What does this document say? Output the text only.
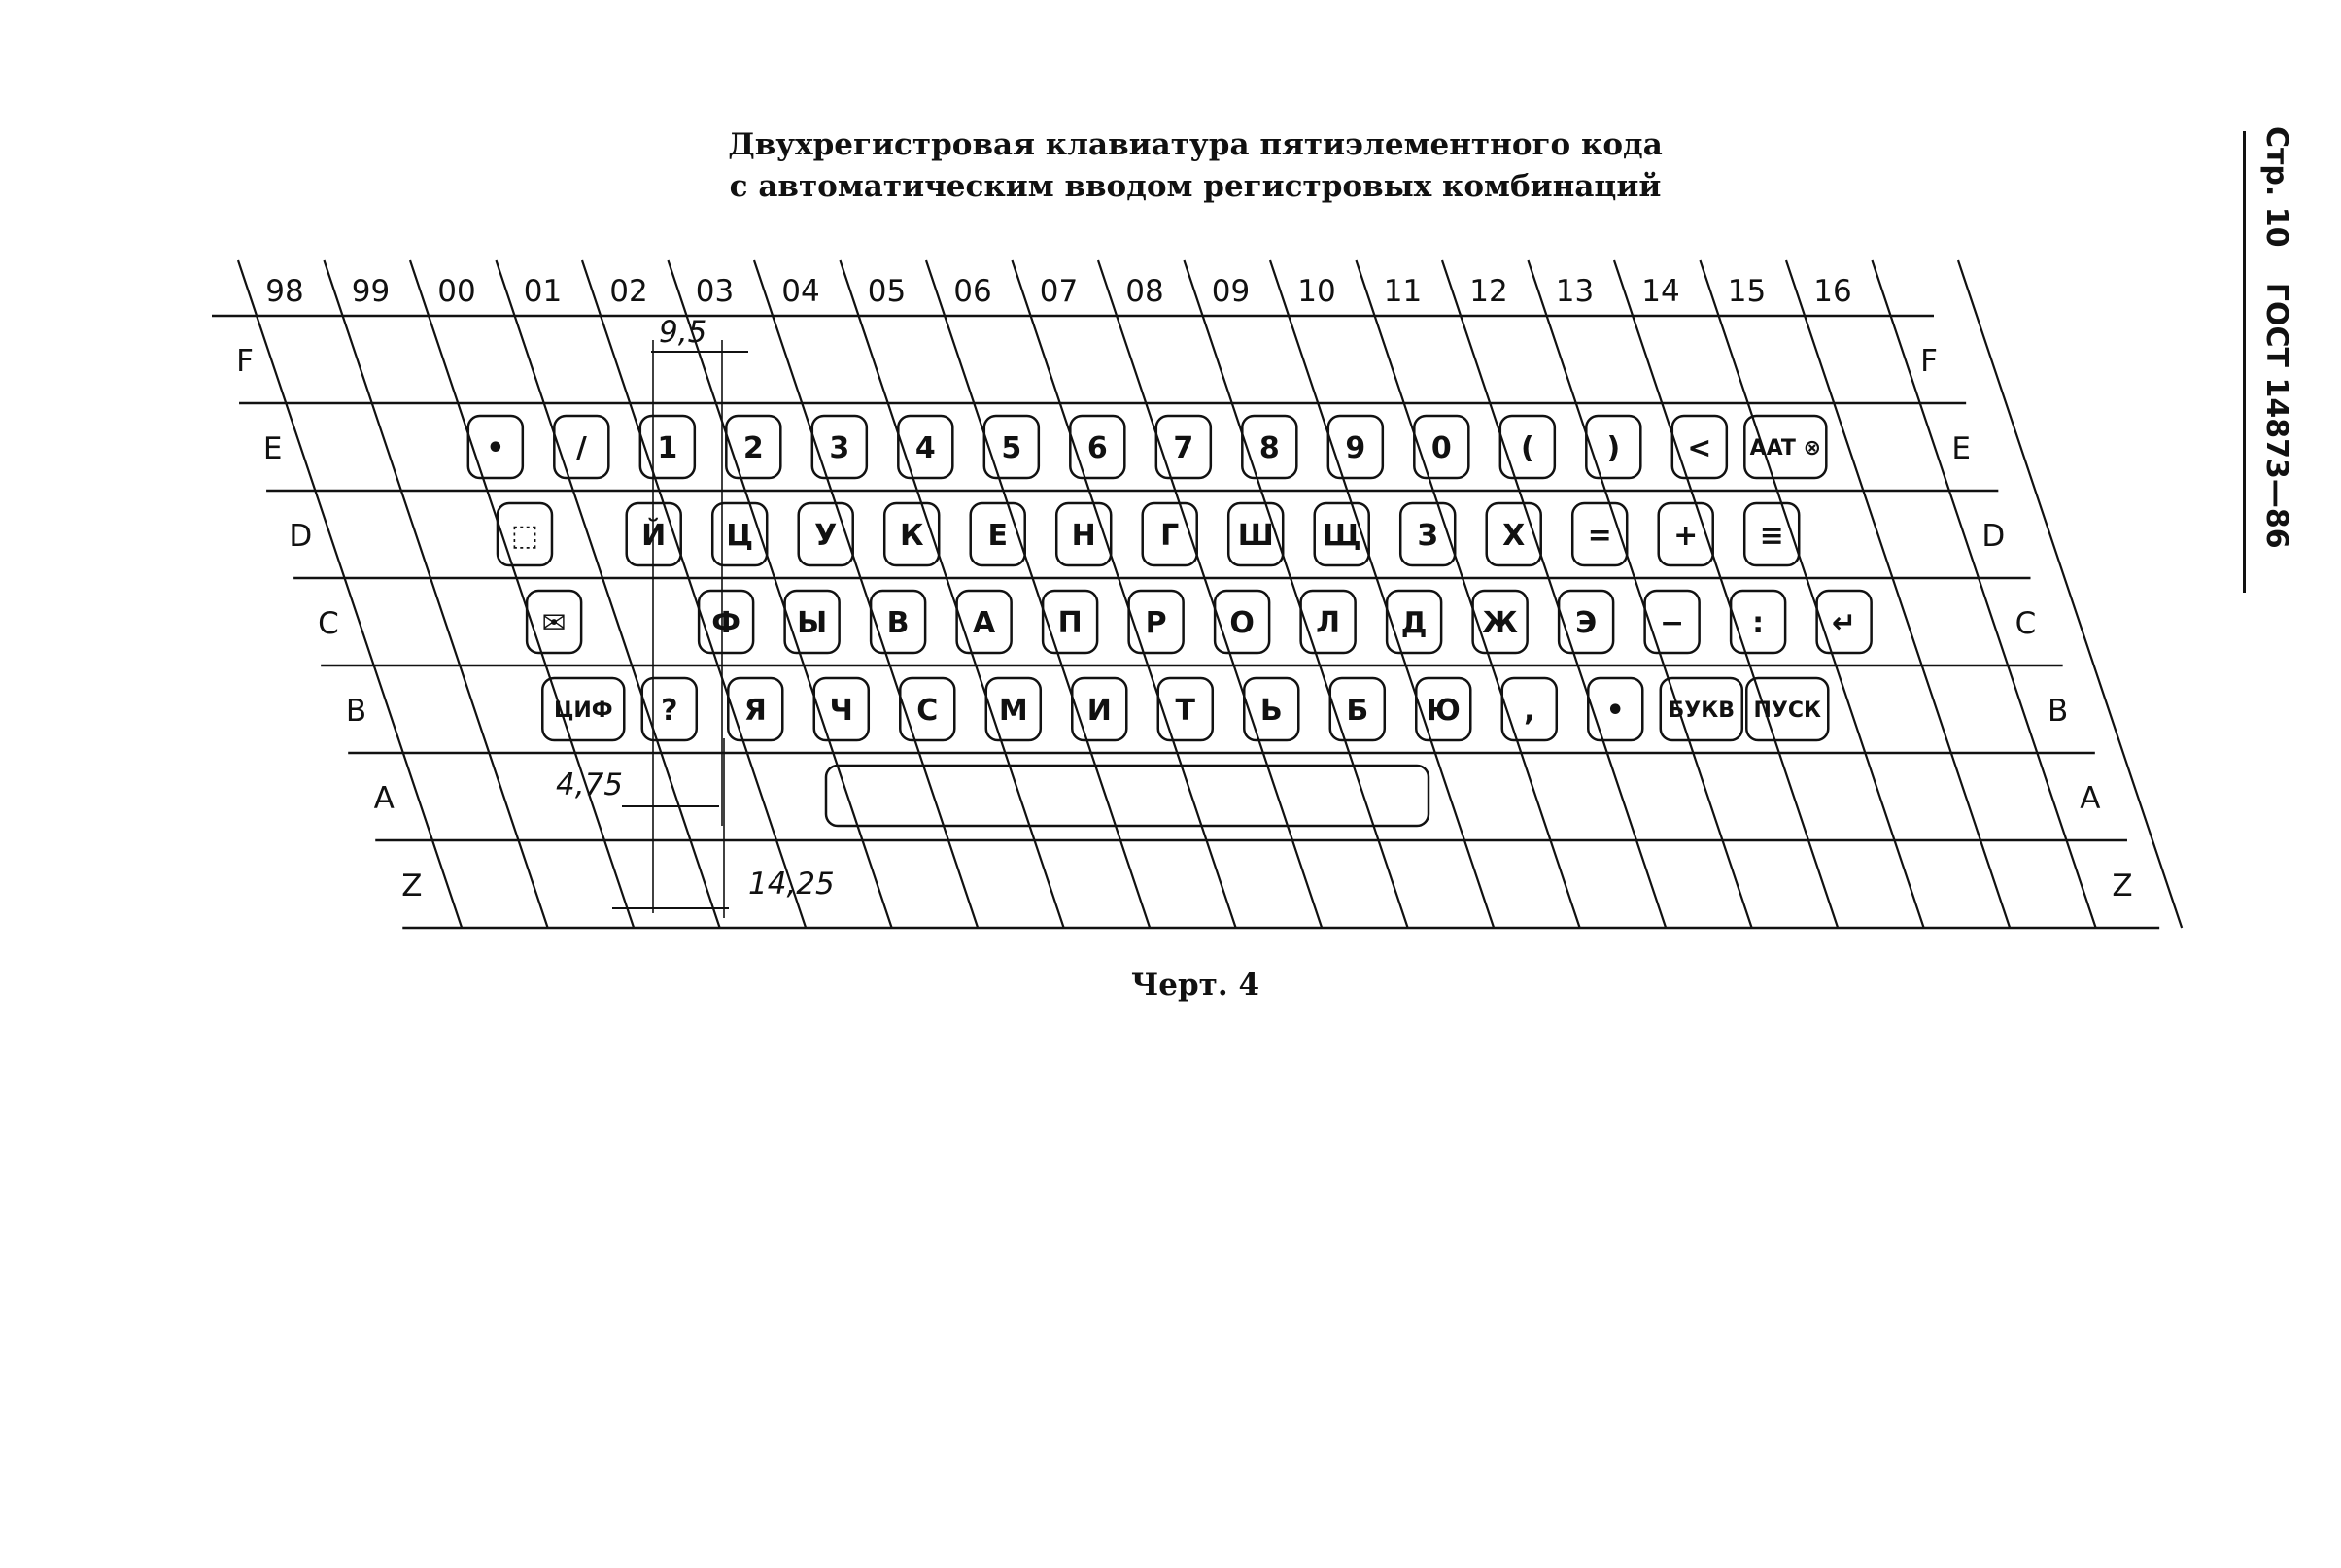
Двухрегистровая клавиатура пятиэлементного кода
с автоматическим вводом регистровых комбинаций	Стр. 10 ГОСТ 14873—86
98 99 00 01 02 03 04 05 06 07 08 09 10 11 12 13 14 15 16
F	F
E	E
D	D
C	C
B	B
A	A
Z	Z
• / 1 2 3 4 5 6 7 8 9 0 ( ) < AAT ⊗
⬚	Й Ц У К Е Н Г Ш Щ З Х = + ≡
✉	Ф Ы В А П Р О Л Д Ж Э − : ↵
ЦИФ ? Я Ч С М И Т Ь Б Ю , • БУКВ ПУСК
9,5
4,75
14,25
Черт. 4
